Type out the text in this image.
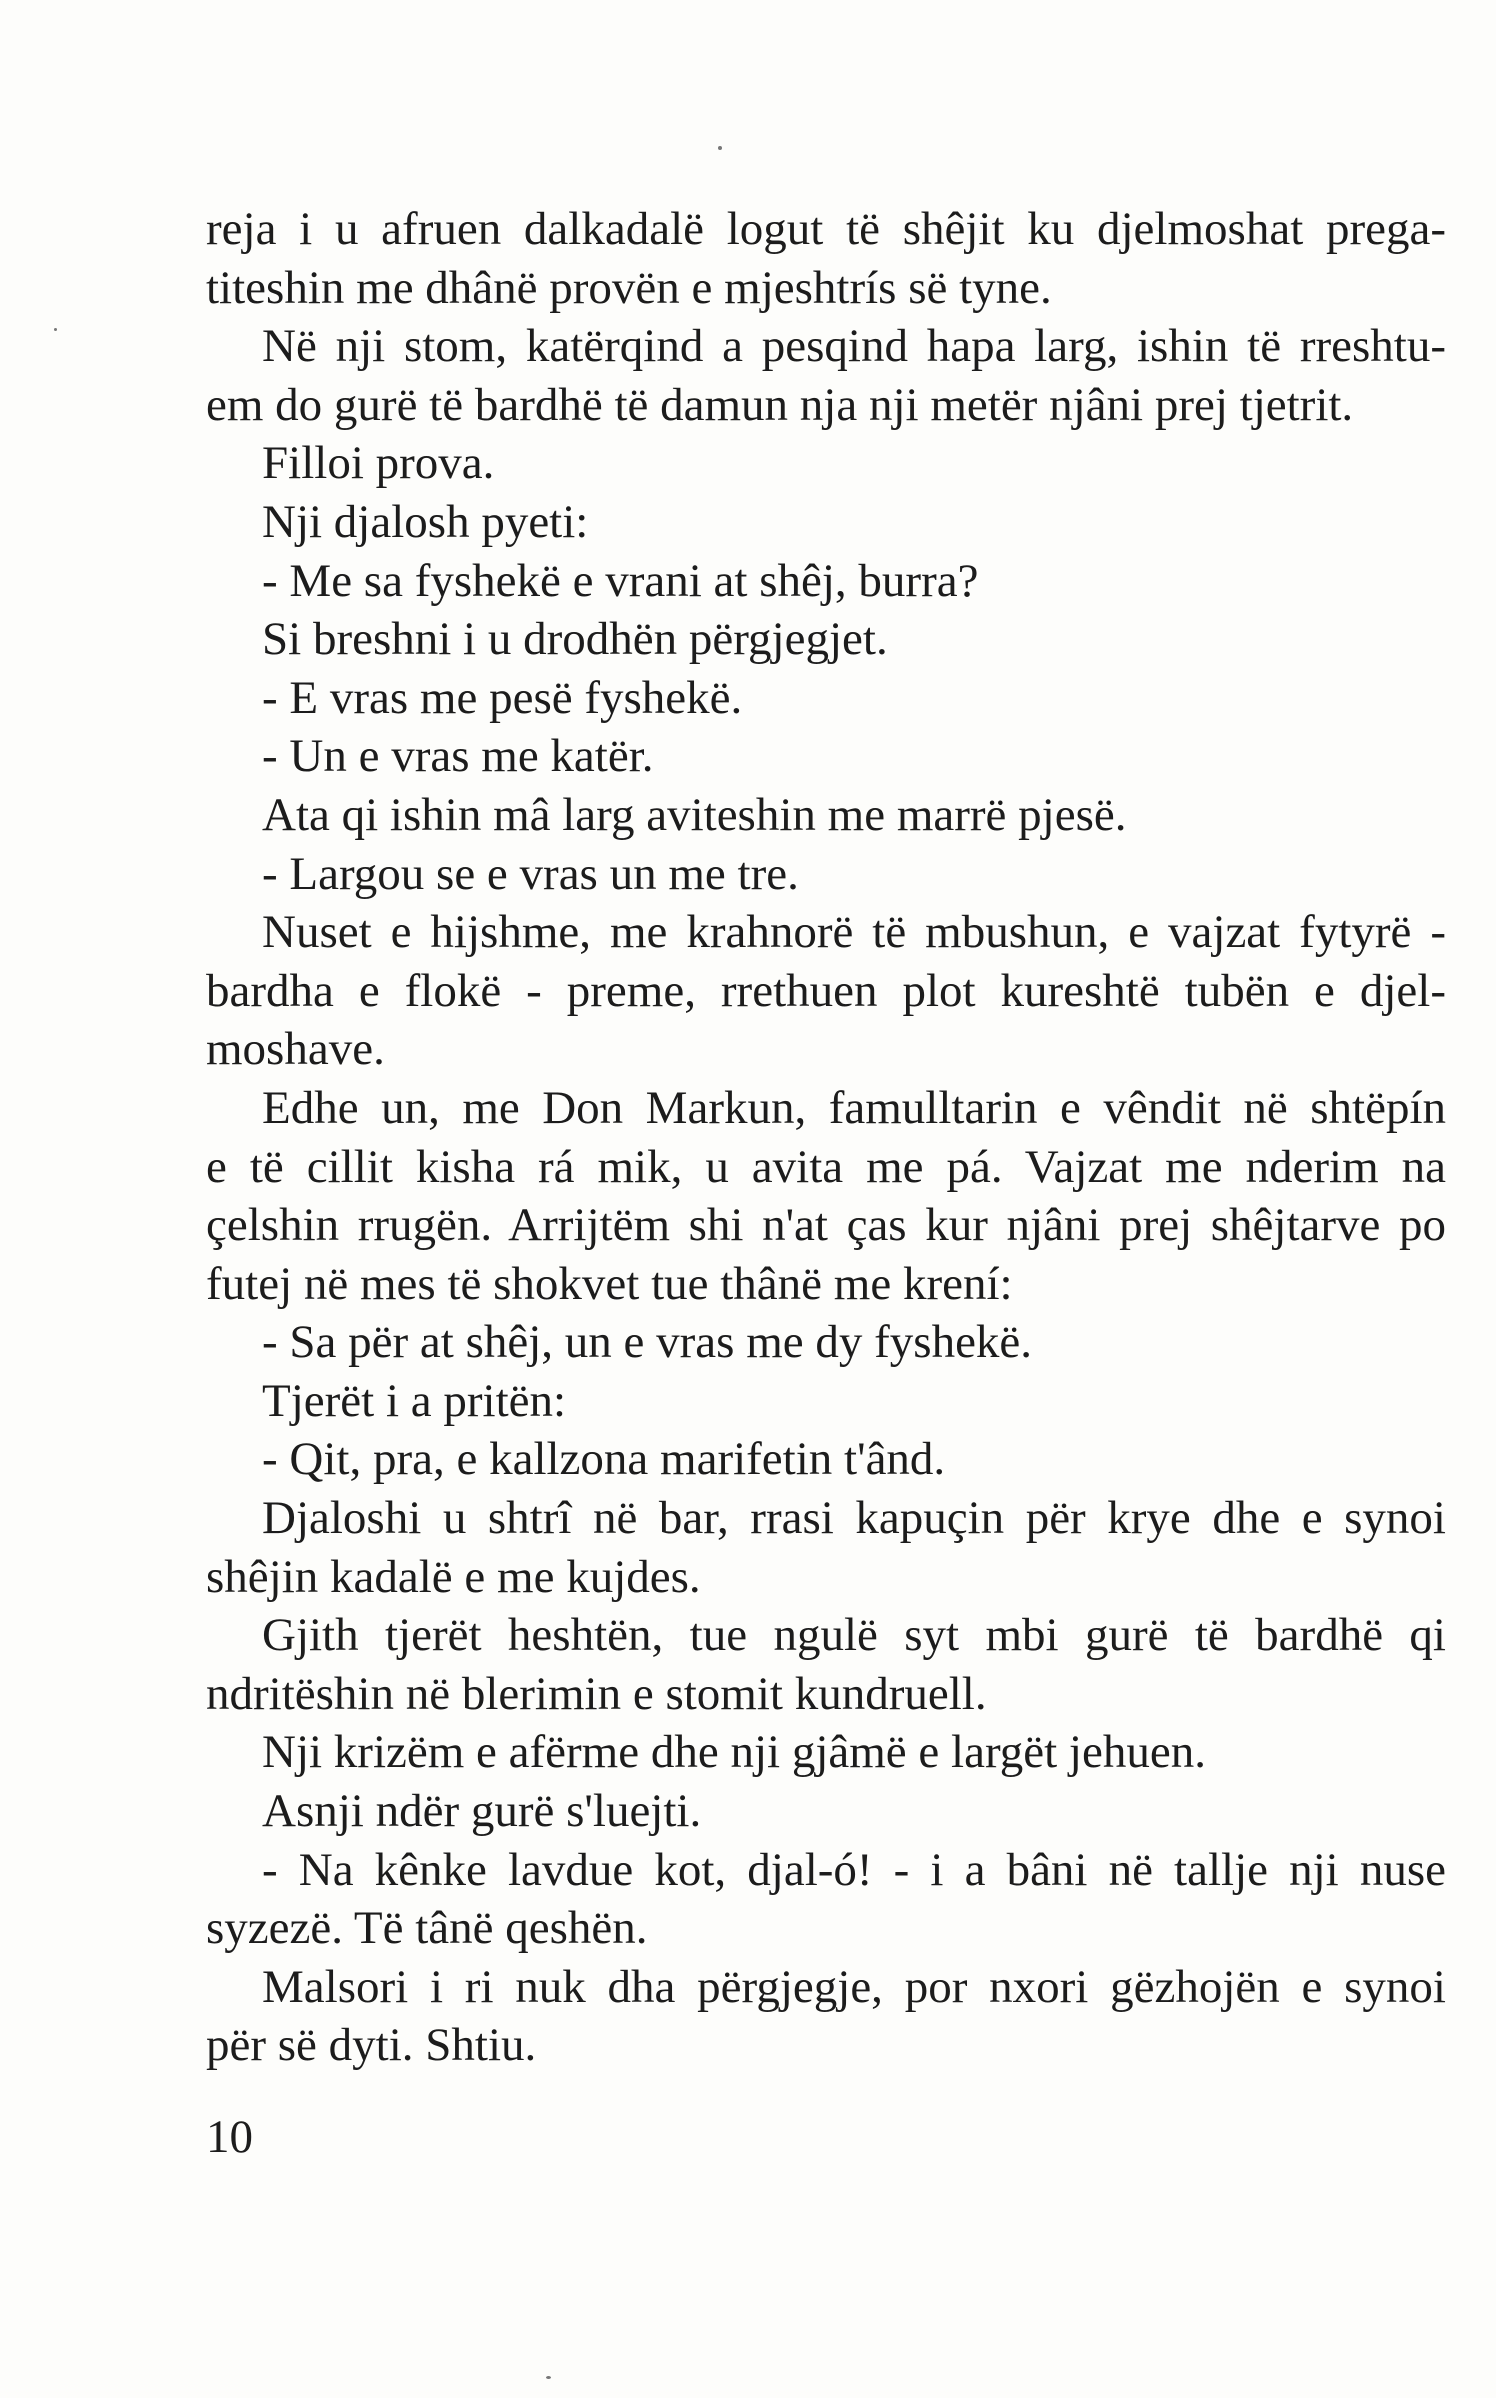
reja i u afruen dalkadalë logut të shêjit ku djelmoshat prega-

titeshin me dhânë provën e mjeshtrís së tyne.

Në nji stom, katërqind a pesqind hapa larg, ishin të rreshtu-

em do gurë të bardhë të damun nja nji metër njâni prej tjetrit.

Filloi prova.

Nji djalosh pyeti:

- Me sa fyshekë e vrani at shêj, burra?

Si breshni i u drodhën përgjegjet.

- E vras me pesë fyshekë.

- Un e vras me katër.

Ata qi ishin mâ larg aviteshin me marrë pjesë.

- Largou se e vras un me tre.

Nuset e hijshme, me krahnorë të mbushun, e vajzat fytyrë -

bardha e flokë - preme, rrethuen plot kureshtë tubën e djel-

moshave.

Edhe un, me Don Markun, famulltarin e vêndit në shtëpín

e të cillit kisha rá mik, u avita me pá. Vajzat me nderim na

çelshin rrugën. Arrijtëm shi n'at ças kur njâni prej shêjtarve po

futej në mes të shokvet tue thânë me krení:

- Sa për at shêj, un e vras me dy fyshekë.

Tjerët i a pritën:

- Qit, pra, e kallzona marifetin t'ând.

Djaloshi u shtrî në bar, rrasi kapuçin për krye dhe e synoi

shêjin kadalë e me kujdes.

Gjith tjerët heshtën, tue ngulë syt mbi gurë të bardhë qi

ndritëshin në blerimin e stomit kundruell.

Nji krizëm e afërme dhe nji gjâmë e largët jehuen.

Asnji ndër gurë s'luejti.

- Na kênke lavdue kot, djal-ó! - i a bâni në tallje nji nuse

syzezë. Të tânë qeshën.

Malsori i ri nuk dha përgjegje, por nxori gëzhojën e synoi

për së dyti. Shtiu.

10
